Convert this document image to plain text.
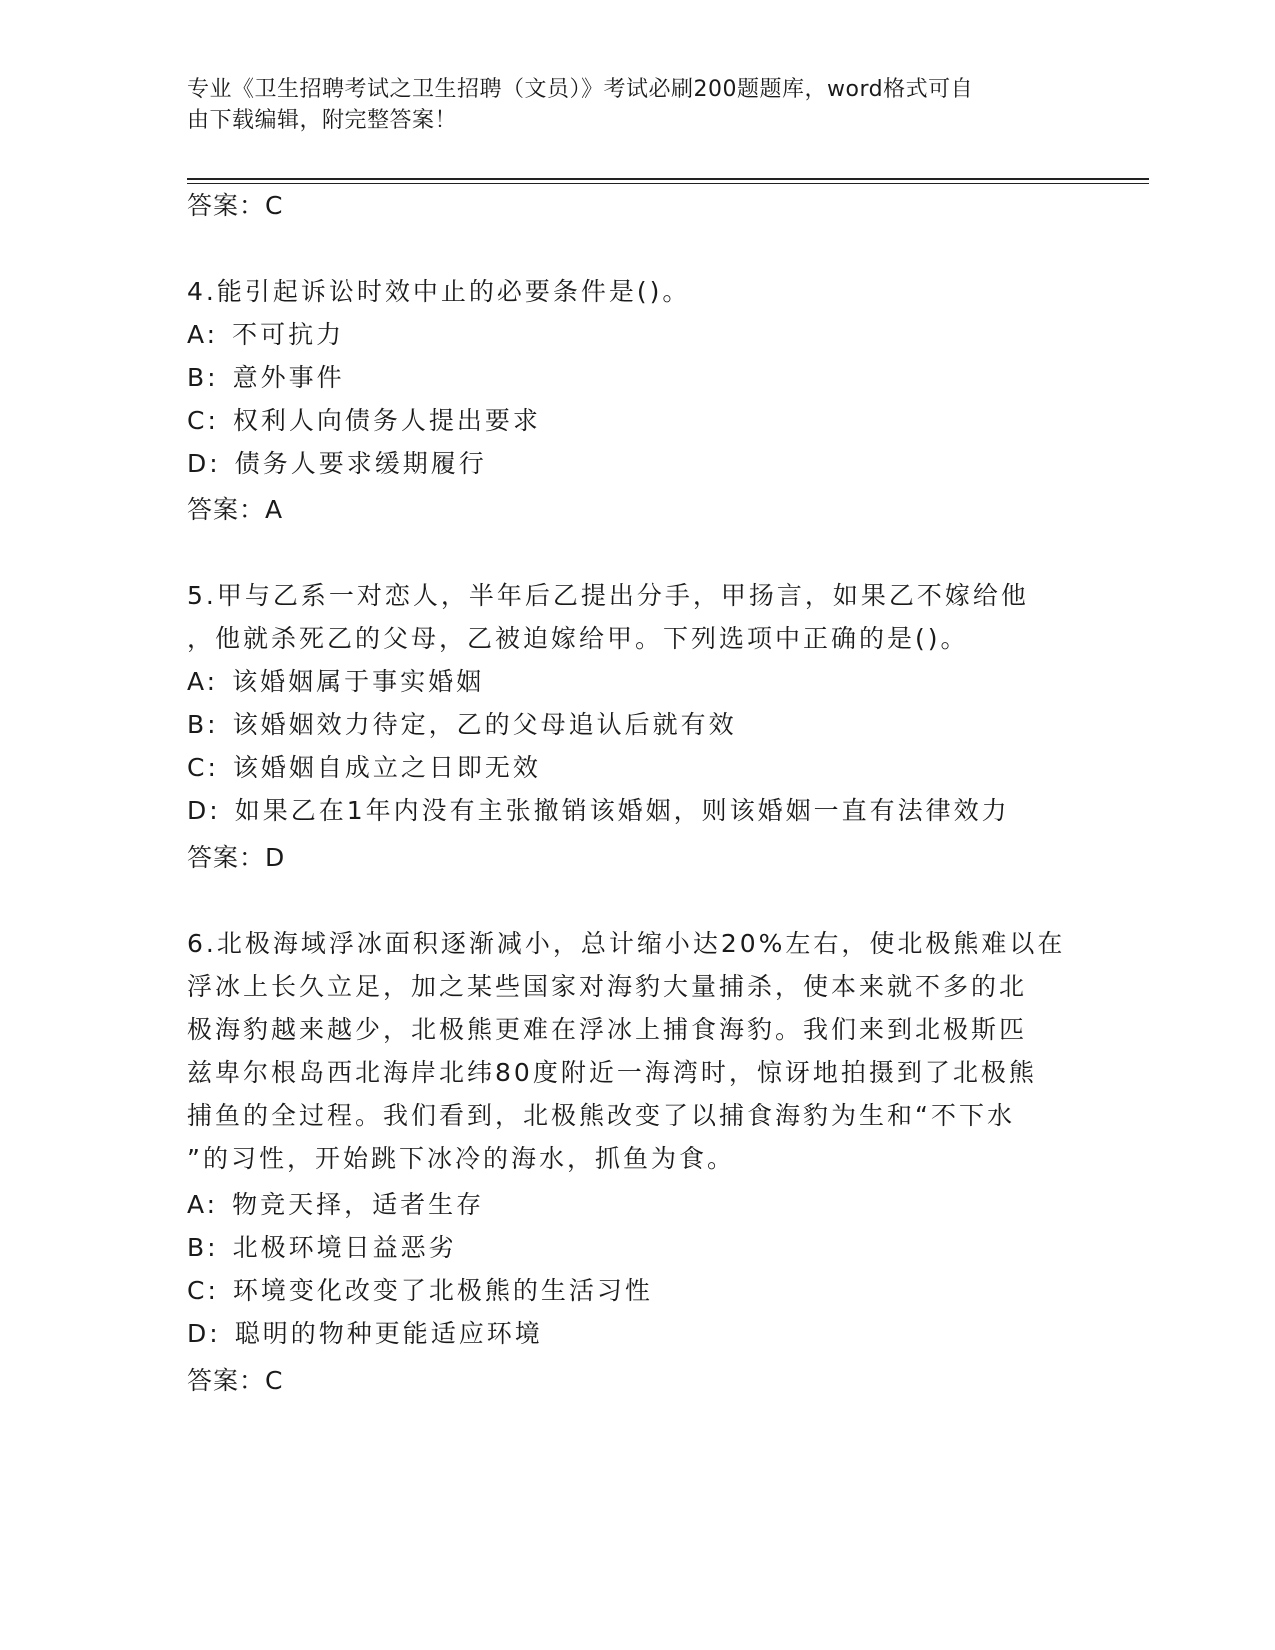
专业《卫生招聘考试之卫生招聘（文员）》考试必刷200题题库，word格式可自
由下载编辑，附完整答案！
答案：C
4.能引起诉讼时效中止的必要条件是()。
A: 不可抗力
B: 意外事件
C: 权利人向债务人提出要求
D: 债务人要求缓期履行
答案：A
5.甲与乙系一对恋人，半年后乙提出分手，甲扬言，如果乙不嫁给他
，他就杀死乙的父母，乙被迫嫁给甲。下列选项中正确的是()。
A: 该婚姻属于事实婚姻
B: 该婚姻效力待定，乙的父母追认后就有效
C: 该婚姻自成立之日即无效
D: 如果乙在1年内没有主张撤销该婚姻，则该婚姻一直有法律效力
答案：D
6.北极海域浮冰面积逐渐减小，总计缩小达20%左右，使北极熊难以在
浮冰上长久立足，加之某些国家对海豹大量捕杀，使本来就不多的北
极海豹越来越少，北极熊更难在浮冰上捕食海豹。我们来到北极斯匹
兹卑尔根岛西北海岸北纬80度附近一海湾时，惊讶地拍摄到了北极熊
捕鱼的全过程。我们看到，北极熊改变了以捕食海豹为生和“不下水
”的习性，开始跳下冰冷的海水，抓鱼为食。
A: 物竞天择，适者生存
B: 北极环境日益恶劣
C: 环境变化改变了北极熊的生活习性
D: 聪明的物种更能适应环境
答案：C
